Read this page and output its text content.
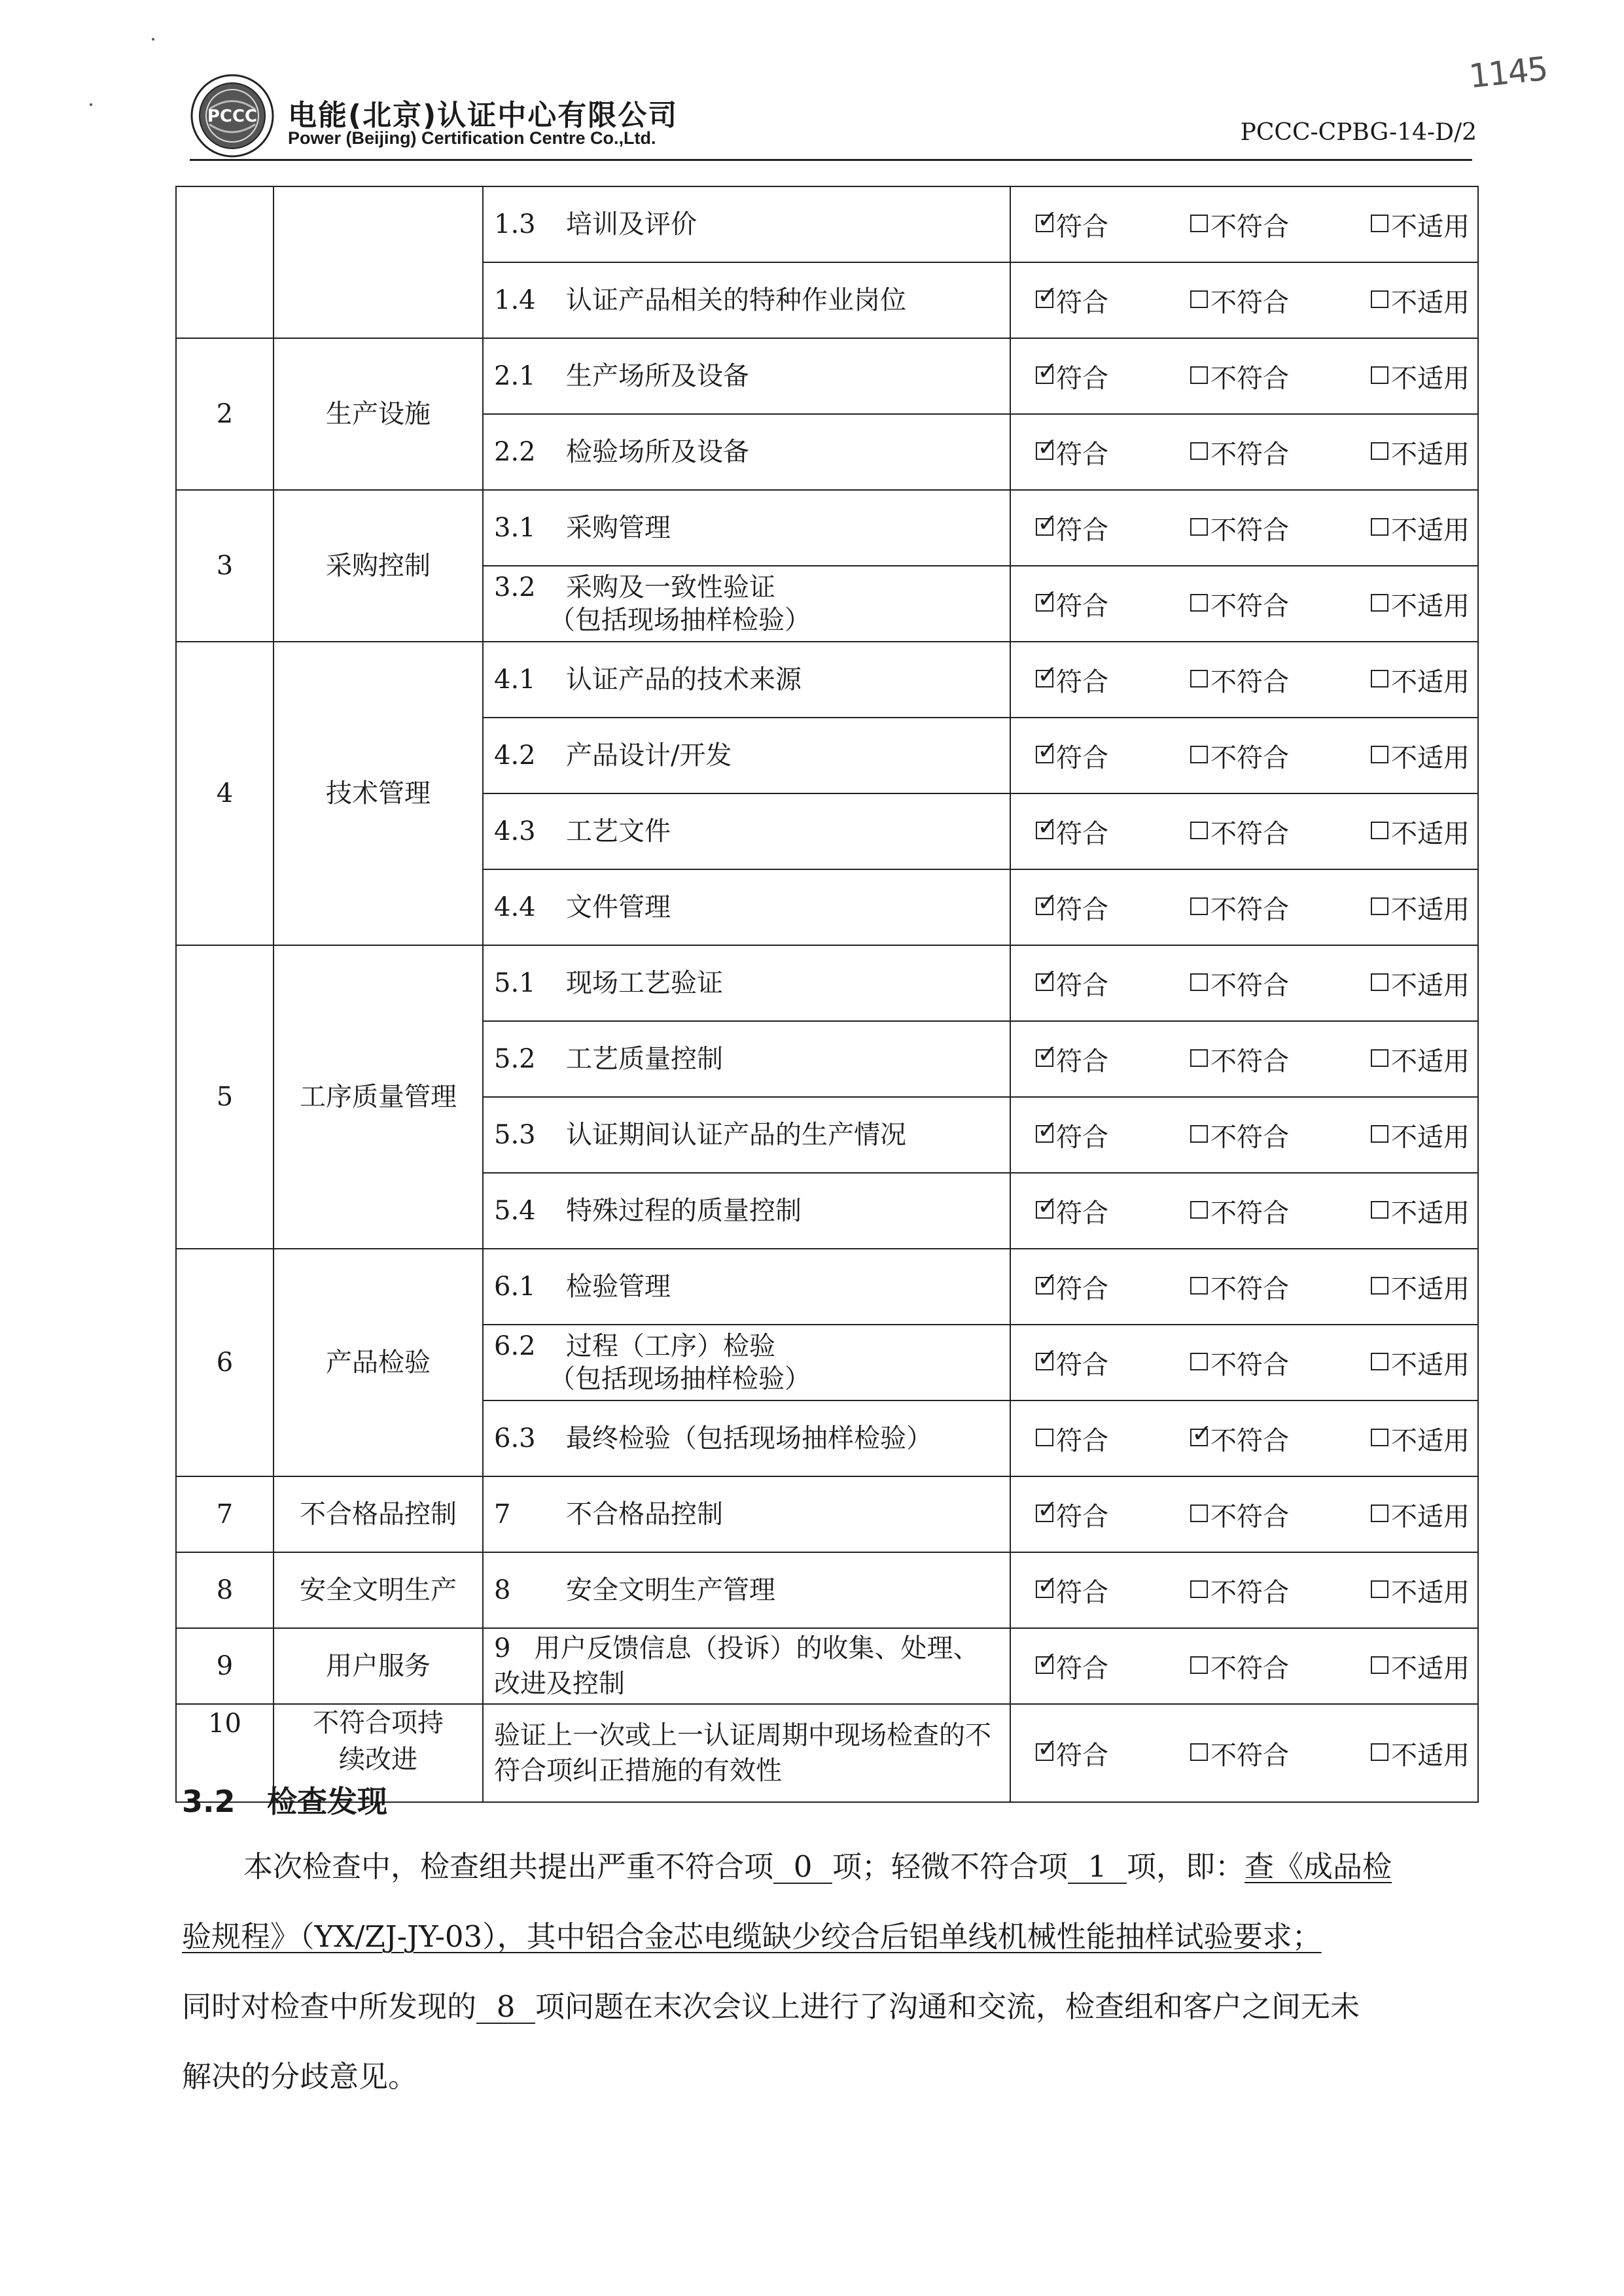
PCCC 电能(北京)认证中心有限公司
Power (Beijing) Certification Centre Co.,Ltd.	PCCC-CPBG-14-D/2
1145
		1.3 培训及评价	
✓符合 不符合 不适用

		1.4 认证产品相关的特种作业岗位	
✓符合 不符合 不适用

2	生产设施	2.1 生产场所及设备	
✓符合 不符合 不适用

		2.2 检验场所及设备	
✓符合 不符合 不适用

3	采购控制	3.1 采购管理	
✓符合 不符合 不适用

		3.2 采购及一致性验证
（包括现场抽样检验）	
✓符合 不符合 不适用

4	技术管理	4.1 认证产品的技术来源	
✓符合 不符合 不适用

		4.2 产品设计/开发	
✓符合 不符合 不适用

		4.3 工艺文件	
✓符合 不符合 不适用

		4.4 文件管理	
✓符合 不符合 不适用

5	工序质量管理	5.1 现场工艺验证	
✓符合 不符合 不适用

		5.2 工艺质量控制	
✓符合 不符合 不适用

		5.3 认证期间认证产品的生产情况	
✓符合 不符合 不适用

		5.4 特殊过程的质量控制	
✓符合 不符合 不适用

6	产品检验	6.1 检验管理	
✓符合 不符合 不适用

		6.2 过程（工序）检验
（包括现场抽样检验）	
✓符合 不符合 不适用

		6.3 最终检验（包括现场抽样检验）	符合 ✓ 不符合 不适用

7	不合格品控制	7 不合格品控制	
✓符合 不符合 不适用

8	安全文明生产	8 安全文明生产管理	
✓符合 不符合 不适用

9	用户服务	9 用户反馈信息（投诉）的收集、处理、改进及控制	
✓
符合 不符合 不适用

10	不符合项持续改进	验证上一次或上一认证周期中现场检查的不符合项纠正措施的有效性	
✓
符合 不符合 不适用
3.2 检查发现
本次检查中，检查组共提出严重不符合项 0 项；轻微不符合项 1 项，即：查《成品检
验规程》（YX/ZJ-JY-03），其中铝合金芯电缆缺少绞合后铝单线机械性能抽样试验要求；
同时对检查中所发现的 8 项问题在末次会议上进行了沟通和交流，检查组和客户之间无未
解决的分歧意见。
